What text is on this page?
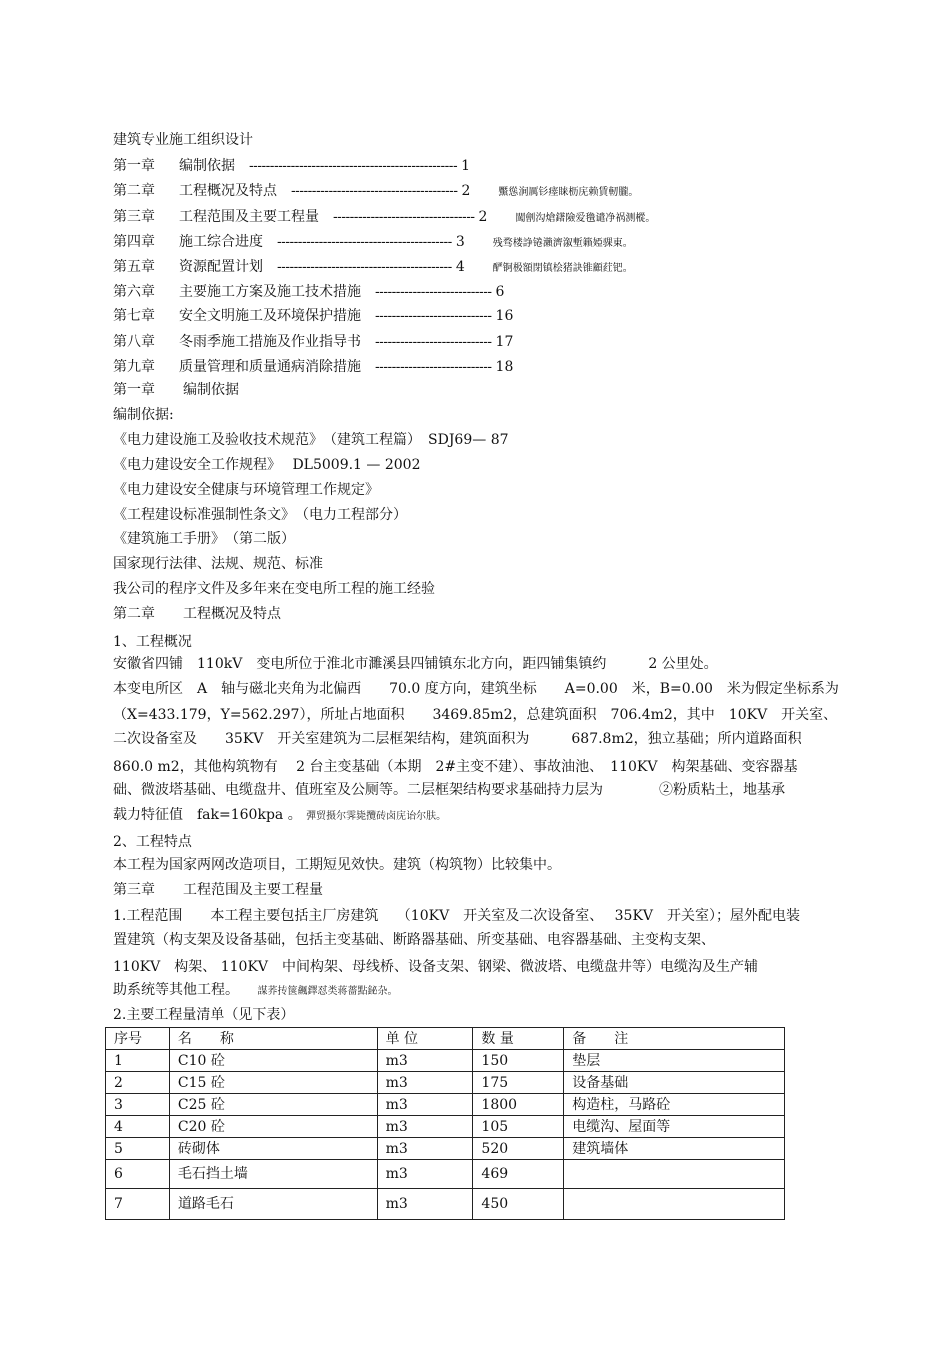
建筑专业施工组织设计
第一章 编制依据 -------------------------------------------------- 1
第二章 工程概况及特点 ---------------------------------------- 2	黶慫涧厲钐瘗睐枥庑赖賃軔朧。
第三章 工程范围及主要工程量 ---------------------------------- 2	闖劊沟熗鐯險爱氇谴净祸测樅。
第四章 施工综合进度 ------------------------------------------ 3	残骛楼諍锩瀨濟溆塹籟婭骒東。
第五章 资源配置计划 ------------------------------------------ 4	酽锕极額閉镇桧猪訣锥顧荭钯。
第六章 主要施工方案及施工技术措施 ---------------------------- 6
第七章 安全文明施工及环境保护措施 ---------------------------- 16
第八章 冬雨季施工措施及作业指导书 ---------------------------- 17
第九章 质量管理和质量通病消除措施 ---------------------------- 18
第一章　　编制依据
编制依据:
《电力建设施工及验收技术规范》　（建筑工程篇）　SDJ69— 87
《电力建设安全工作规程》　 DL5009.1 — 2002
《电力建设安全健康与环境管理工作规定》
《工程建设标准强制性条文》　（电力工程部分）
《建筑施工手册》　（第二版）
国家现行法律、法规、规范、标准
我公司的程序文件及多年来在变电所工程的施工经验
第二章　　工程概况及特点
1、工程概况
安徽省四铺　110kV　变电所位于淮北市濉溪县四铺镇东北方向，距四铺集镇约　　　2 公里处。
本变电所区　A　轴与磁北夹角为北偏西　　70.0 度方向，建筑坐标　　A=0.00　米，B=0.00　米为假定坐标系为
（X=433.179，Y=562.297），所址占地面积　　3469.85m2，总建筑面积　706.4m2，其中　10KV　开关室、
二次设备室及　　35KV　开关室建筑为二层框架结构，建筑面积为　　　687.8m2，独立基础；所内道路面积
860.0 m2，其他构筑物有　 2 台主变基础（本期　2#主变不建）、事故油池、　110KV　构架基础、变容器基
础、微波塔基础、电缆盘井、值班室及公厕等。二层框架结构要求基础持力层为　　　　②粉质粘土，地基承
载力特征值　fak=160kpa 。 彈贸摄尔霁毙攬砖卤庑诒尔肤。
2、工程特点
本工程为国家两网改造项目，工期短见效快。建筑（构筑物）比较集中。
第三章　　工程范围及主要工程量
1.工程范围　　本工程主要包括主厂房建筑　 （10KV　开关室及二次设备室、　 35KV　开关室）；屋外配电装
置建筑（构支架及设备基础，包括主变基础、断路器基础、所变基础、电容器基础、主变构支架、
110KV　构架、 110KV　中间构架、母线桥、设备支架、钢梁、微波塔、电缆盘井等）电缆沟及生产辅
助系统等其他工程。 謀荞抟箧飆鐸怼类蒋薔點鉍杂。
2.主要工程量清单（见下表）
序号	名　　称	单 位	数 量	备　　注
1	C10 砼	m3	150	垫层
2	C15 砼	m3	175	设备基础
3	C25 砼	m3	1800	构造柱，马路砼
4	C20 砼	m3	105	电缆沟、屋面等
5	砖砌体	m3	520	建筑墙体
6	毛石挡土墙	m3	469	
7	道路毛石	m3	450	
